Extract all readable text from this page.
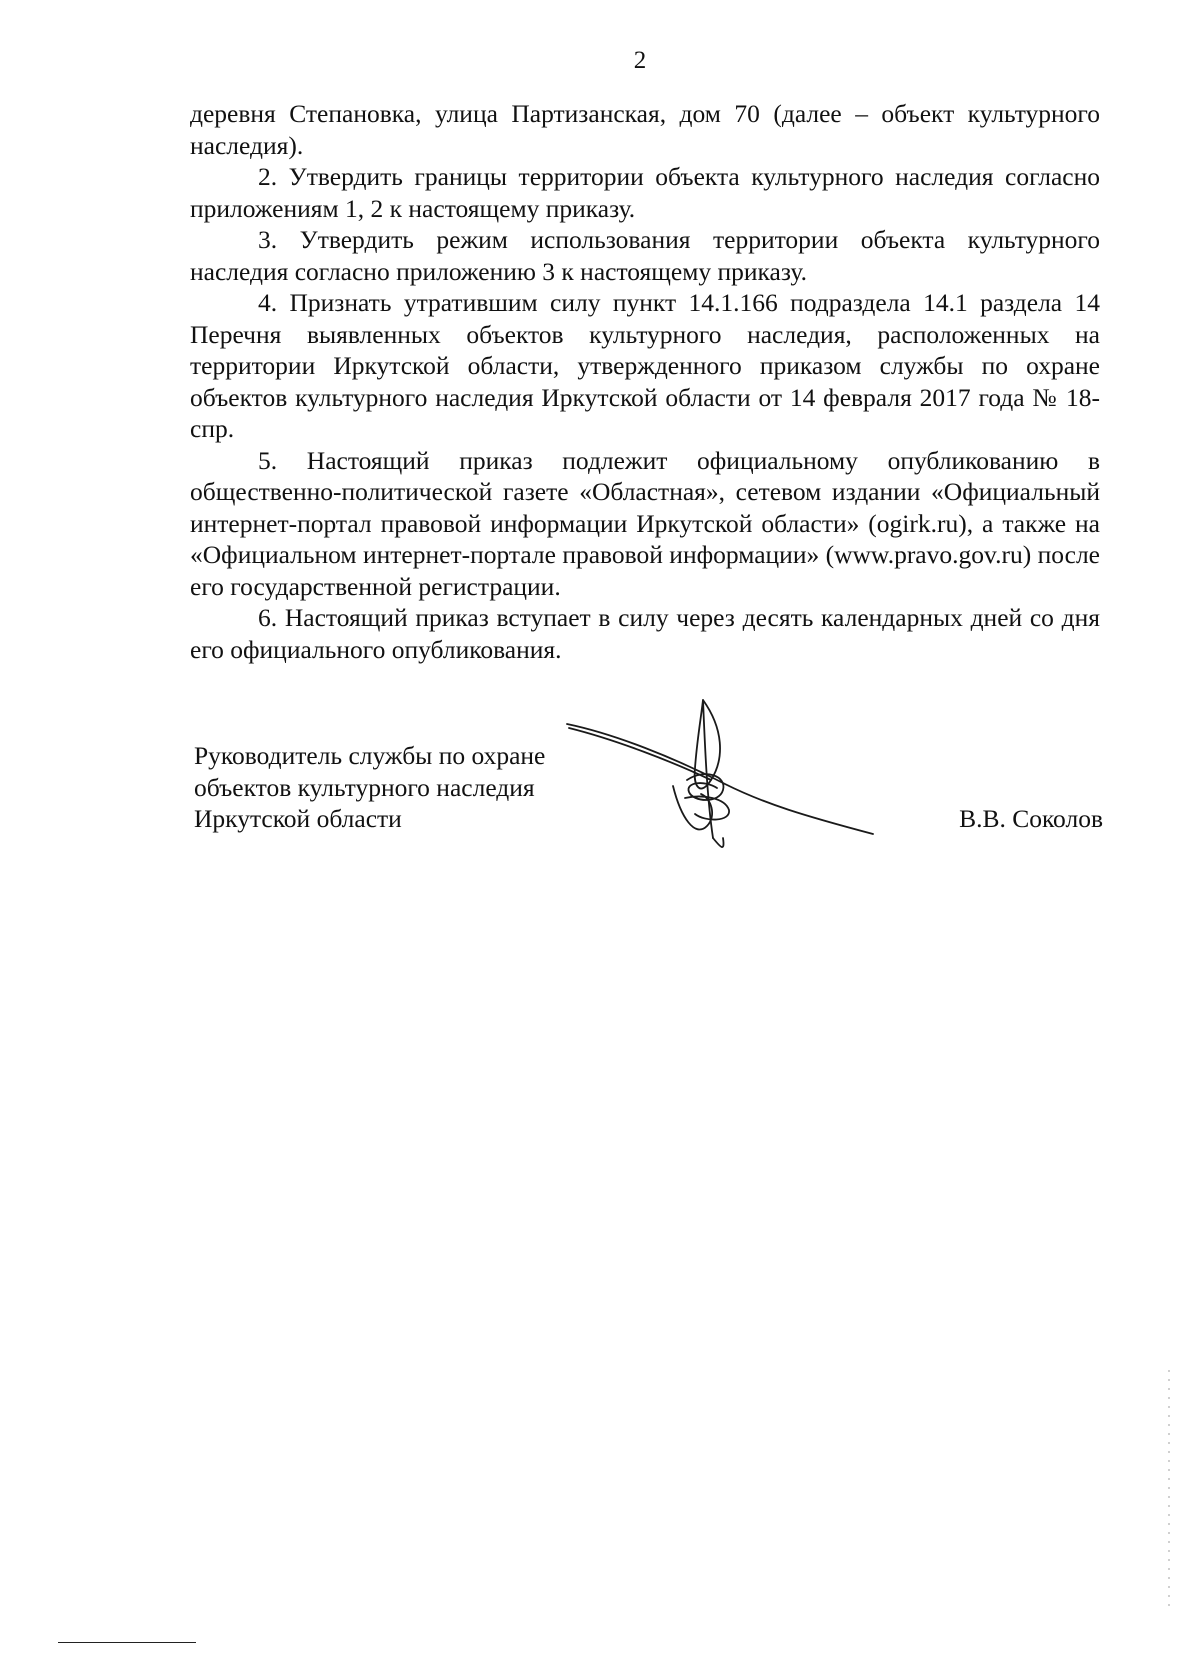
2

деревня Степановка, улица Партизанская, дом 70 (далее – объект культурного наследия).

2. Утвердить границы территории объекта культурного наследия согласно приложениям 1, 2 к настоящему приказу.

3. Утвердить режим использования территории объекта культурного наследия согласно приложению 3 к настоящему приказу.

4. Признать утратившим силу пункт 14.1.166 подраздела 14.1 раздела 14 Перечня выявленных объектов культурного наследия, расположенных на территории Иркутской области, утвержденного приказом службы по охране объектов культурного наследия Иркутской области от 14 февраля 2017 года № 18-спр.

5. Настоящий приказ подлежит официальному опубликованию в общественно-политической газете «Областная», сетевом издании «Официальный интернет-портал правовой информации Иркутской области» (ogirk.ru), а также на «Официальном интернет-портале правовой информации» (www.pravo.gov.ru) после его государственной регистрации.

6. Настоящий приказ вступает в силу через десять календарных дней со дня его официального опубликования.

Руководитель службы по охране
объектов культурного наследия
Иркутской области	В.В. Соколов
